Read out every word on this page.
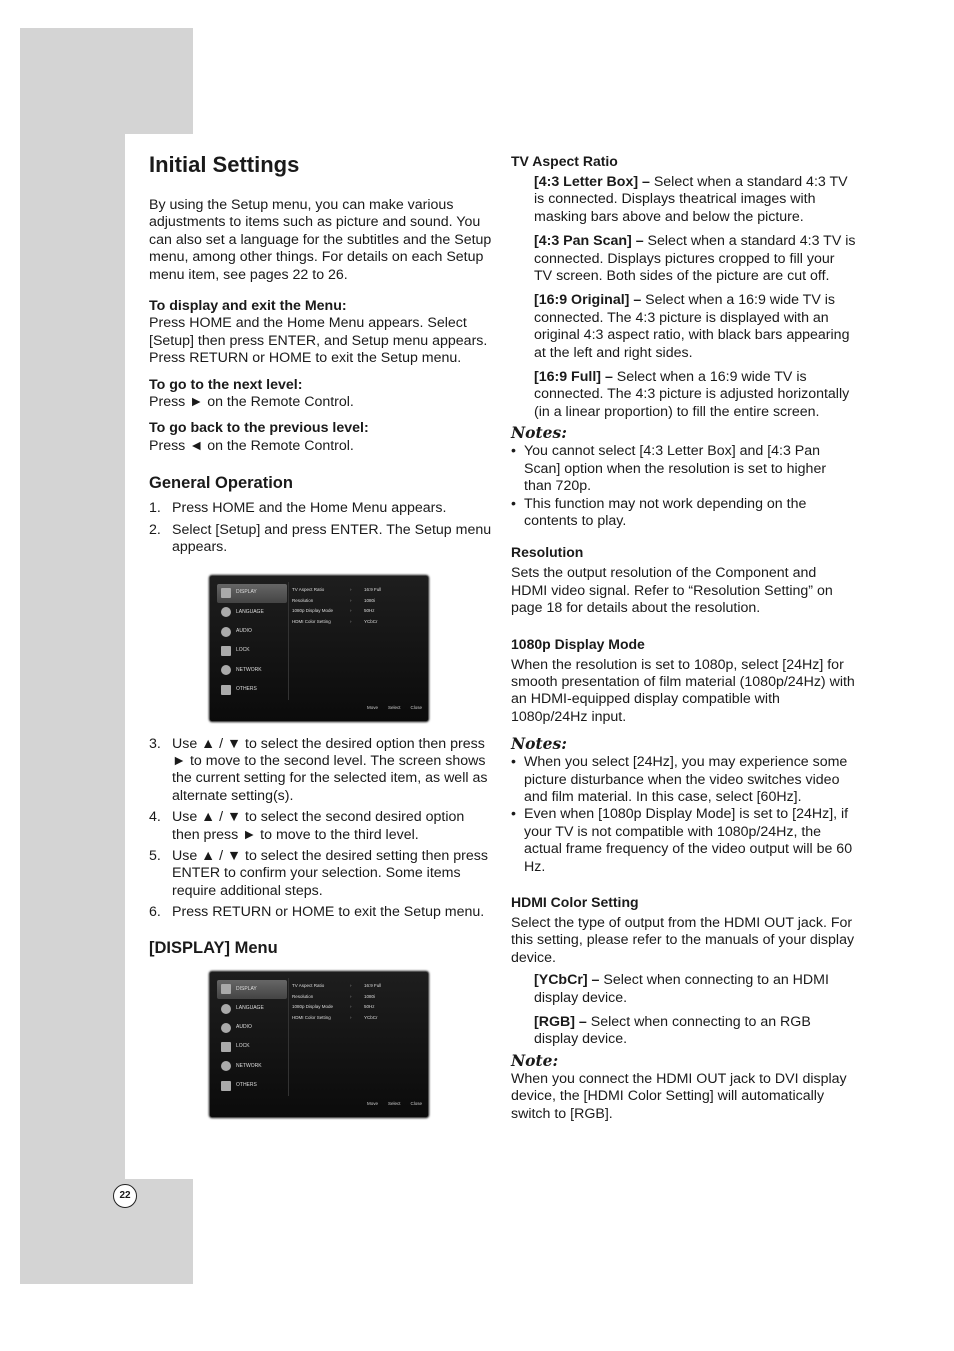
22
Initial Settings

By using the Setup menu, you can make various adjustments to items such as picture and sound. You can also set a language for the subtitles and the Setup menu, among other things. For details on each Setup menu item, see pages 22 to 26.

To display and exit the Menu:

Press HOME and the Home Menu appears. Select [Setup] then press ENTER, and Setup menu appears.

Press RETURN or HOME to exit the Setup menu.

To go to the next level:

Press ► on the Remote Control.

To go back to the previous level:

Press ◄ on the Remote Control.

General Operation
1. Press HOME and the Home Menu appears.
2. Select [Setup] and press ENTER. The Setup menu appears.
DISPLAY
LANGUAGE
AUDIO
LOCK
NETWORK
OTHERS
TV Aspect Ratio	›	16:9 Full
Resolution	›	1080i
1080p Display Mode	›	50Hz
HDMI Color Setting	›	YCbCr
Move Select Close
3. Use ▲ / ▼ to select the desired option then press ► to move to the second level. The screen shows the current setting for the selected item, as well as alternate setting(s).
4. Use ▲ / ▼ to select the second desired option then press ► to move to the third level.
5. Use ▲ / ▼ to select the desired setting then press ENTER to confirm your selection. Some items require additional steps.
6. Press RETURN or HOME to exit the Setup menu.
[DISPLAY] Menu
DISPLAY
LANGUAGE
AUDIO
LOCK
NETWORK
OTHERS
TV Aspect Ratio	›	16:9 Full
Resolution	›	1080i
1080p Display Mode	›	50Hz
HDMI Color Setting	›	YCbCr
Move Select Close
TV Aspect Ratio

[4:3 Letter Box] – Select when a standard 4:3 TV is connected. Displays theatrical images with masking bars above and below the picture.

[4:3 Pan Scan] – Select when a standard 4:3 TV is connected. Displays pictures cropped to fill your TV screen. Both sides of the picture are cut off.

[16:9 Original] – Select when a 16:9 wide TV is connected. The 4:3 picture is displayed with an original 4:3 aspect ratio, with black bars appearing at the left and right sides.

[16:9 Full] – Select when a 16:9 wide TV is connected. The 4:3 picture is adjusted horizontally (in a linear proportion) to fill the entire screen.

Notes:

• You cannot select [4:3 Letter Box] and [4:3 Pan Scan] option when the resolution is set to higher than 720p.
• This function may not work depending on the contents to play.
Resolution

Sets the output resolution of the Component and HDMI video signal. Refer to “Resolution Setting” on page 18 for details about the resolution.

1080p Display Mode

When the resolution is set to 1080p, select [24Hz] for smooth presentation of film material (1080p/24Hz) with an HDMI-equipped display compatible with 1080p/24Hz input.

Notes:

• When you select [24Hz], you may experience some picture disturbance when the video switches video and film material. In this case, select [60Hz].
• Even when [1080p Display Mode] is set to [24Hz], if your TV is not compatible with 1080p/24Hz, the actual frame frequency of the video output will be 60 Hz.
HDMI Color Setting

Select the type of output from the HDMI OUT jack. For this setting, please refer to the manuals of your display device.

[YCbCr] – Select when connecting to an HDMI display device.

[RGB] – Select when connecting to an RGB display device.

Note:

When you connect the HDMI OUT jack to DVI display device, the [HDMI Color Setting] will automatically switch to [RGB].
